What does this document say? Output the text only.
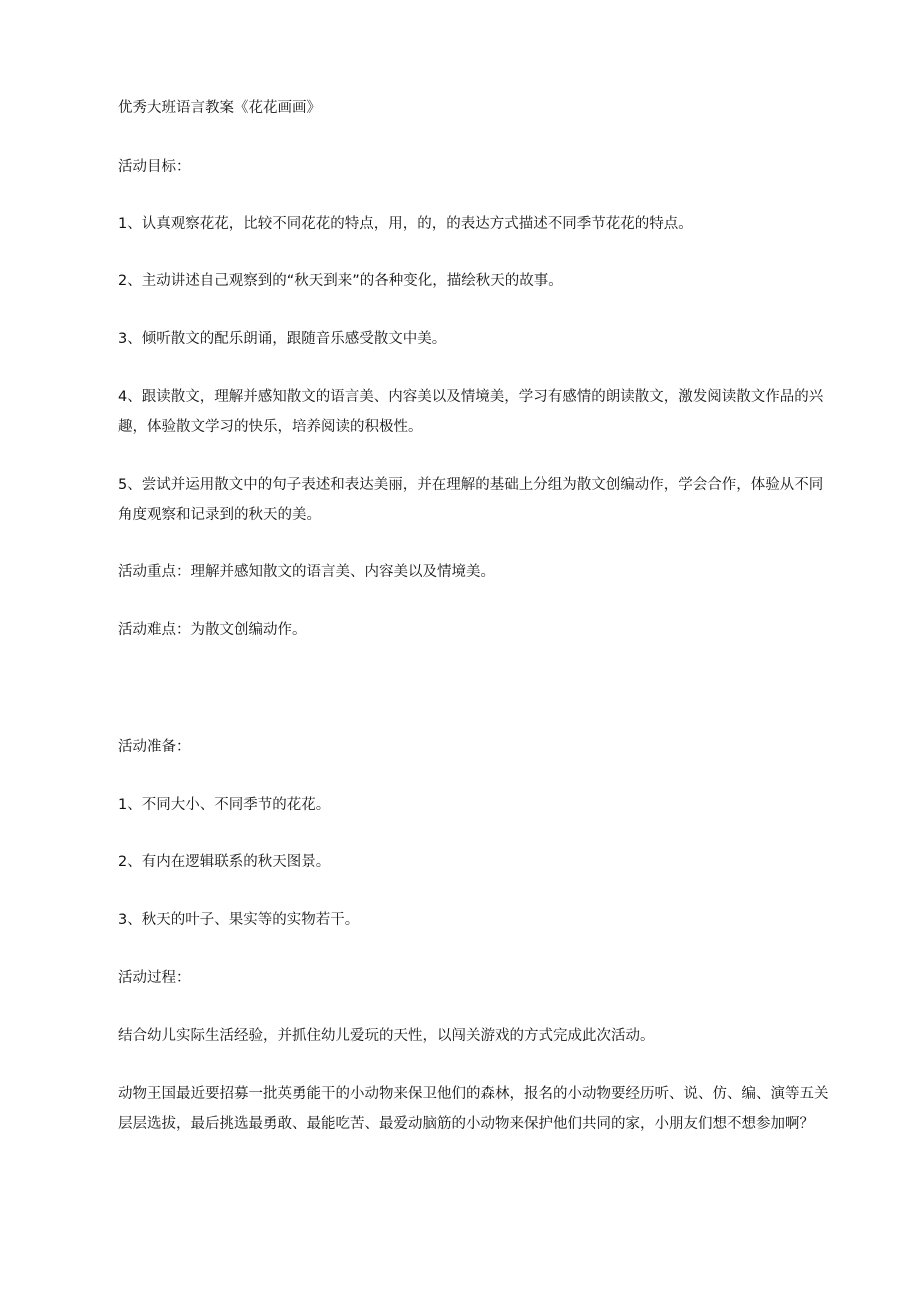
优秀大班语言教案《花花画画》
活动目标：
1、认真观察花花，比较不同花花的特点，用，的，的表达方式描述不同季节花花的特点。
2、主动讲述自己观察到的“秋天到来”的各种变化，描绘秋天的故事。
3、倾听散文的配乐朗诵，跟随音乐感受散文中美。
4、跟读散文，理解并感知散文的语言美、内容美以及情境美，学习有感情的朗读散文，激发阅读散文作品的兴趣，体验散文学习的快乐，培养阅读的积极性。
5、尝试并运用散文中的句子表述和表达美丽，并在理解的基础上分组为散文创编动作，学会合作，体验从不同角度观察和记录到的秋天的美。
活动重点：理解并感知散文的语言美、内容美以及情境美。
活动难点：为散文创编动作。
活动准备：
1、不同大小、不同季节的花花。
2、有内在逻辑联系的秋天图景。
3、秋天的叶子、果实等的实物若干。
活动过程：
结合幼儿实际生活经验，并抓住幼儿爱玩的天性，以闯关游戏的方式完成此次活动。
动物王国最近要招募一批英勇能干的小动物来保卫他们的森林，报名的小动物要经历听、说、仿、编、演等五关层层选拔，最后挑选最勇敢、最能吃苦、最爱动脑筋的小动物来保护他们共同的家，小朋友们想不想参加啊？
